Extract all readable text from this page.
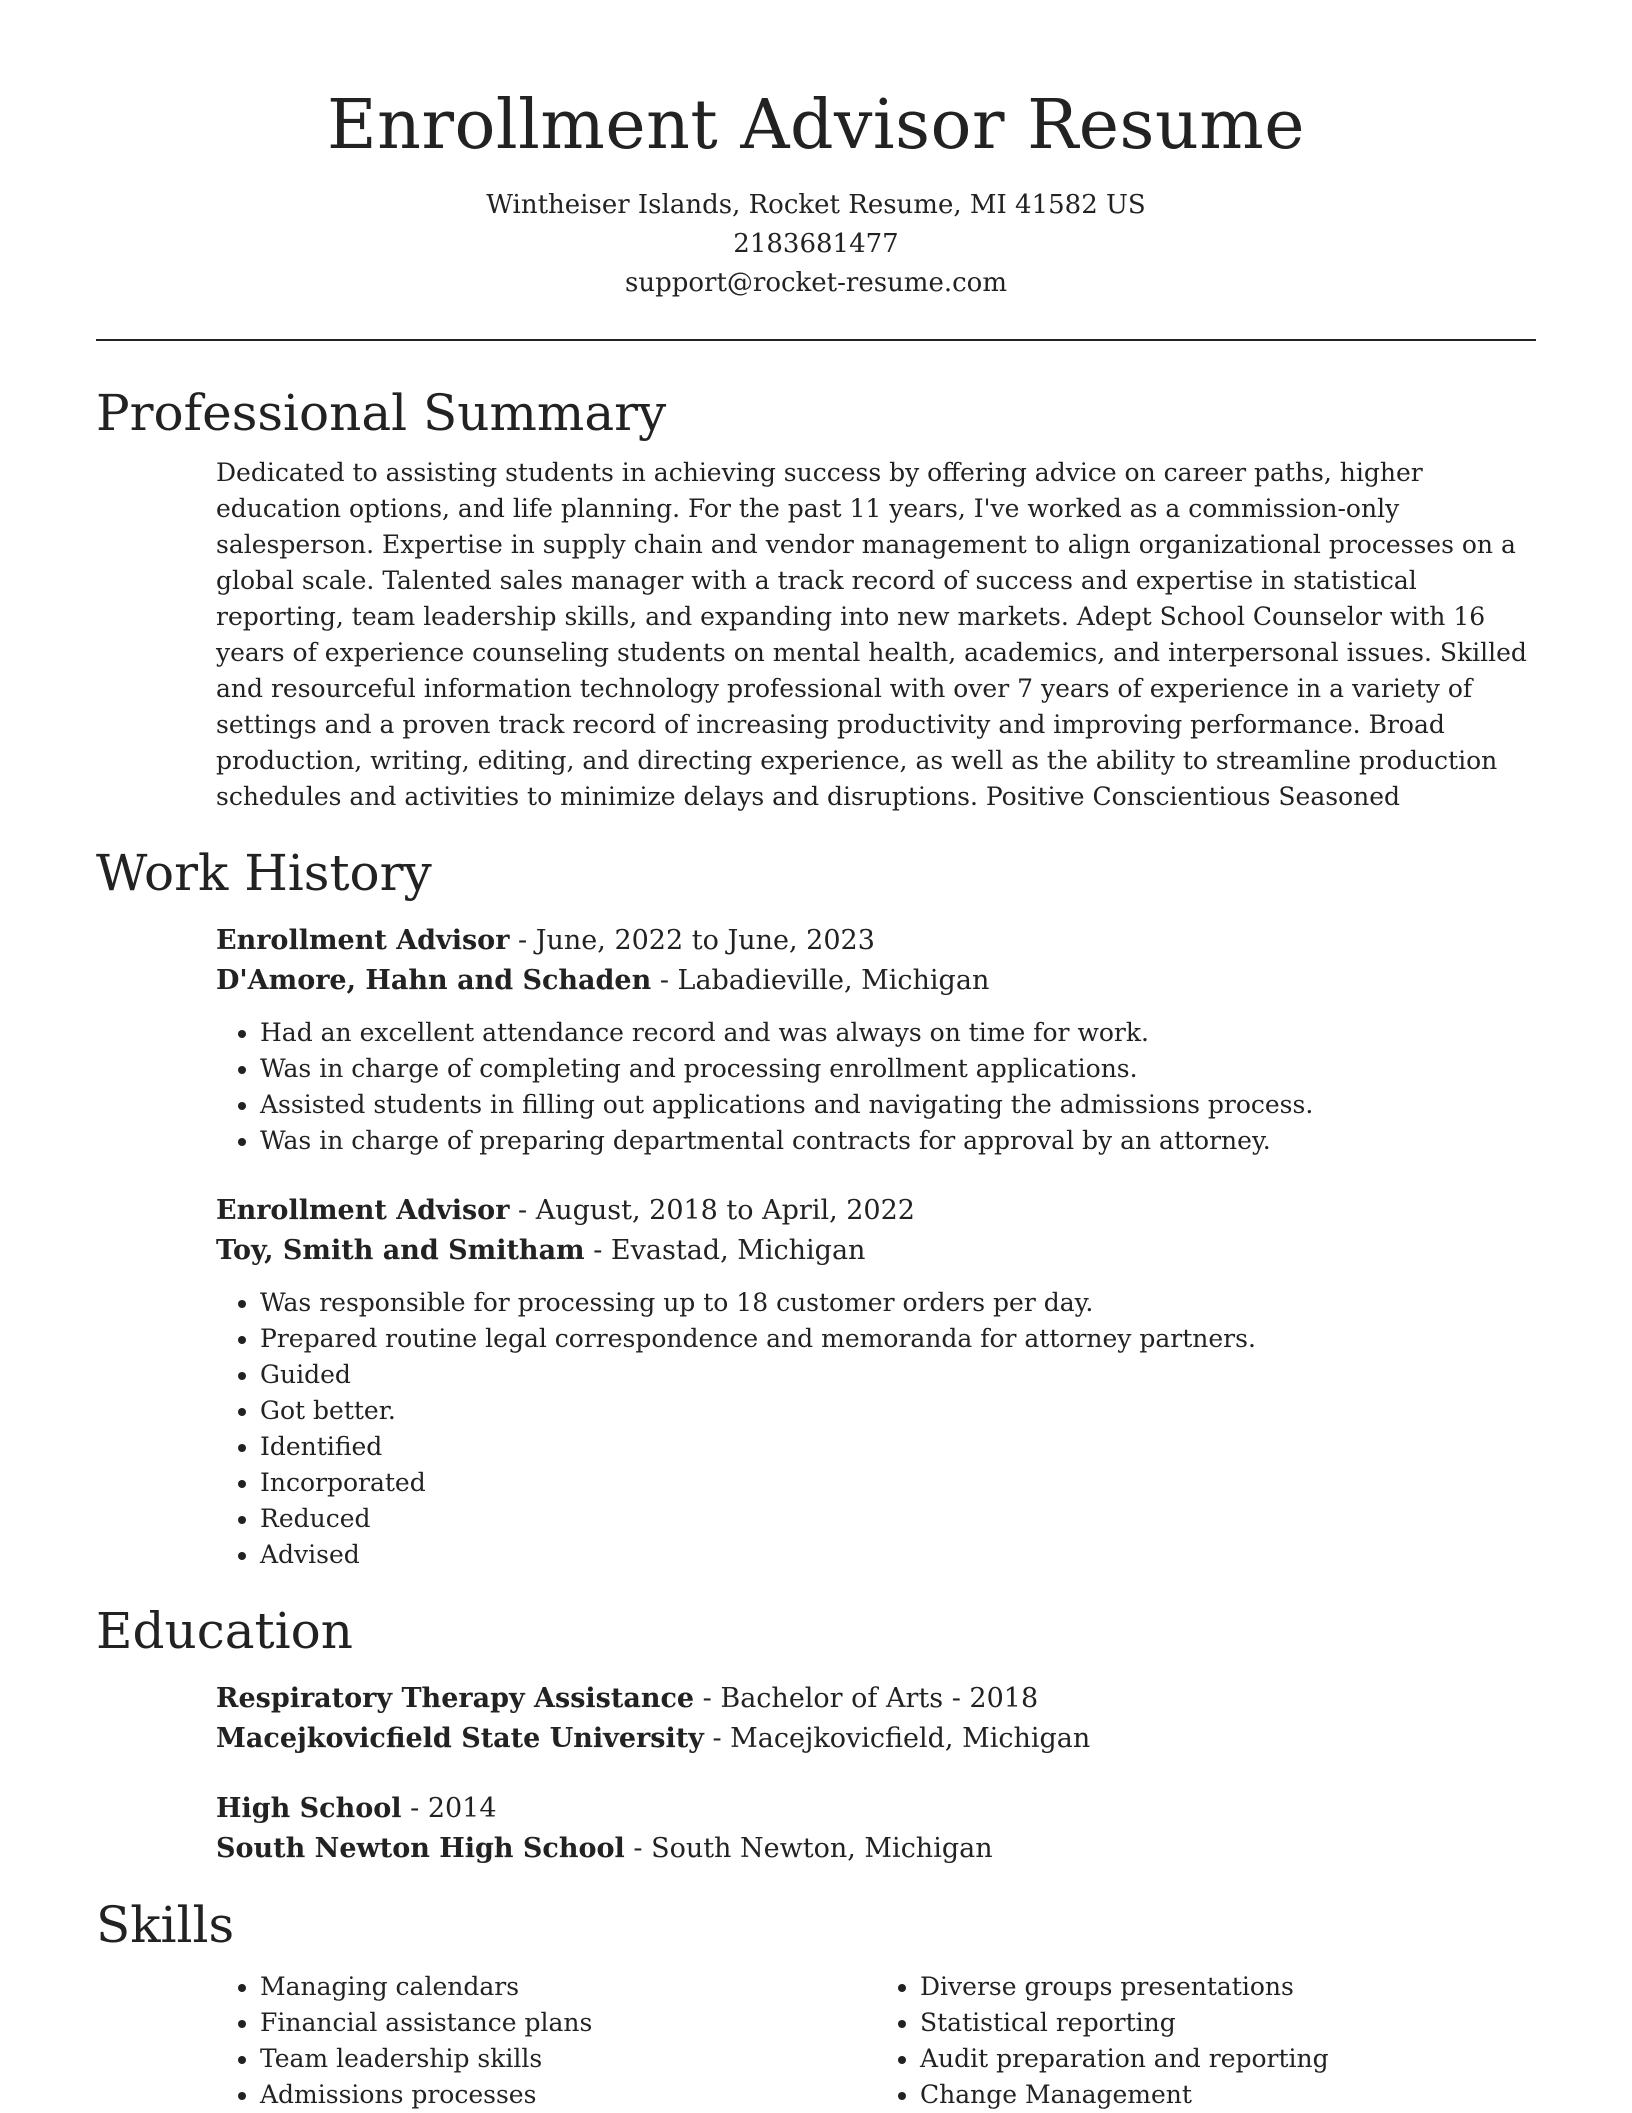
Enrollment Advisor Resume
Wintheiser Islands, Rocket Resume, MI 41582 US
2183681477
support@rocket-resume.com
Professional Summary

Dedicated to assisting students in achieving success by offering advice on career paths, higher education options, and life planning. For the past 11 years, I've worked as a commission-only salesperson. Expertise in supply chain and vendor management to align organizational processes on a global scale. Talented sales manager with a track record of success and expertise in statistical reporting, team leadership skills, and expanding into new markets. Adept School Counselor with 16 years of experience counseling students on mental health, academics, and interpersonal issues. Skilled and resourceful information technology professional with over 7 years of experience in a variety of settings and a proven track record of increasing productivity and improving performance. Broad production, writing, editing, and directing experience, as well as the ability to streamline production schedules and activities to minimize delays and disruptions. Positive Conscientious Seasoned

Work History
Enrollment Advisor - June, 2022 to June, 2023
D'Amore, Hahn and Schaden - Labadieville, Michigan
• Had an excellent attendance record and was always on time for work.
• Was in charge of completing and processing enrollment applications.
• Assisted students in filling out applications and navigating the admissions process.
• Was in charge of preparing departmental contracts for approval by an attorney.
Enrollment Advisor - August, 2018 to April, 2022
Toy, Smith and Smitham - Evastad, Michigan
• Was responsible for processing up to 18 customer orders per day.
• Prepared routine legal correspondence and memoranda for attorney partners.
• Guided
• Got better.
• Identified
• Incorporated
• Reduced
• Advised
Education
Respiratory Therapy Assistance - Bachelor of Arts - 2018
Macejkovicfield State University - Macejkovicfield, Michigan
High School - 2014
South Newton High School - South Newton, Michigan
Skills
• Managing calendars
• Financial assistance plans
• Team leadership skills
• Admissions processes
• Diverse groups presentations
• Statistical reporting
• Audit preparation and reporting
• Change Management
